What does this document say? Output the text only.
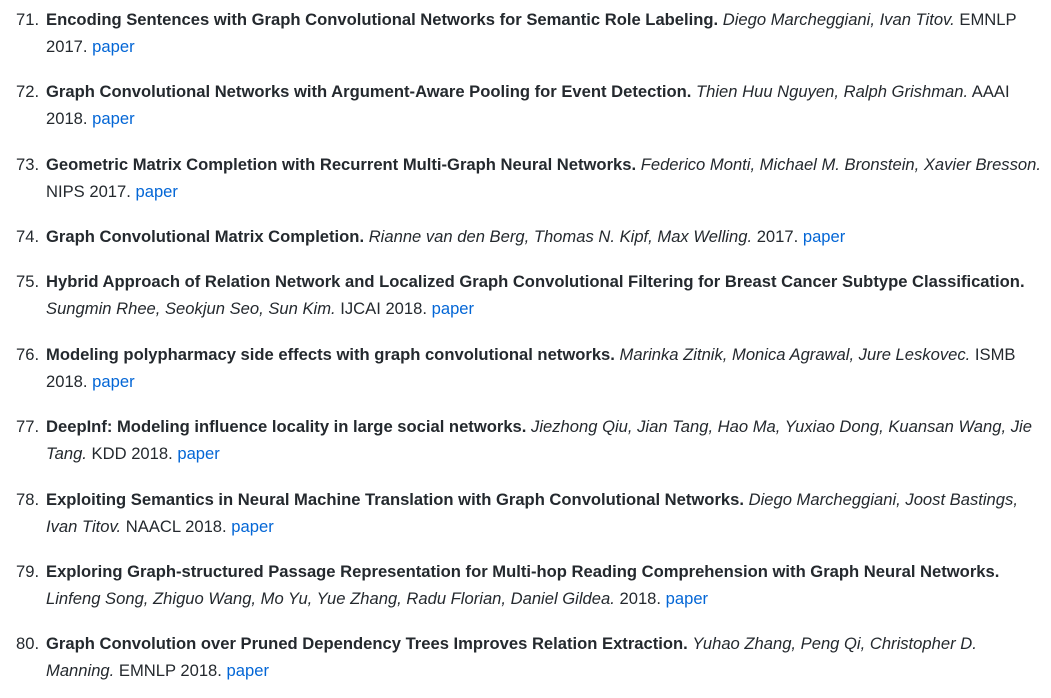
71. Encoding Sentences with Graph Convolutional Networks for Semantic Role Labeling. Diego Marcheggiani, Ivan Titov. EMNLP 2017. paper
72. Graph Convolutional Networks with Argument-Aware Pooling for Event Detection. Thien Huu Nguyen, Ralph Grishman. AAAI 2018. paper
73. Geometric Matrix Completion with Recurrent Multi-Graph Neural Networks. Federico Monti, Michael M. Bronstein, Xavier Bresson. NIPS 2017. paper
74. Graph Convolutional Matrix Completion. Rianne van den Berg, Thomas N. Kipf, Max Welling. 2017. paper
75. Hybrid Approach of Relation Network and Localized Graph Convolutional Filtering for Breast Cancer Subtype Classification. Sungmin Rhee, Seokjun Seo, Sun Kim. IJCAI 2018. paper
76. Modeling polypharmacy side effects with graph convolutional networks. Marinka Zitnik, Monica Agrawal, Jure Leskovec. ISMB 2018. paper
77. DeepInf: Modeling influence locality in large social networks. Jiezhong Qiu, Jian Tang, Hao Ma, Yuxiao Dong, Kuansan Wang, Jie Tang. KDD 2018. paper
78. Exploiting Semantics in Neural Machine Translation with Graph Convolutional Networks. Diego Marcheggiani, Joost Bastings, Ivan Titov. NAACL 2018. paper
79. Exploring Graph-structured Passage Representation for Multi-hop Reading Comprehension with Graph Neural Networks. Linfeng Song, Zhiguo Wang, Mo Yu, Yue Zhang, Radu Florian, Daniel Gildea. 2018. paper
80. Graph Convolution over Pruned Dependency Trees Improves Relation Extraction. Yuhao Zhang, Peng Qi, Christopher D. Manning. EMNLP 2018. paper
